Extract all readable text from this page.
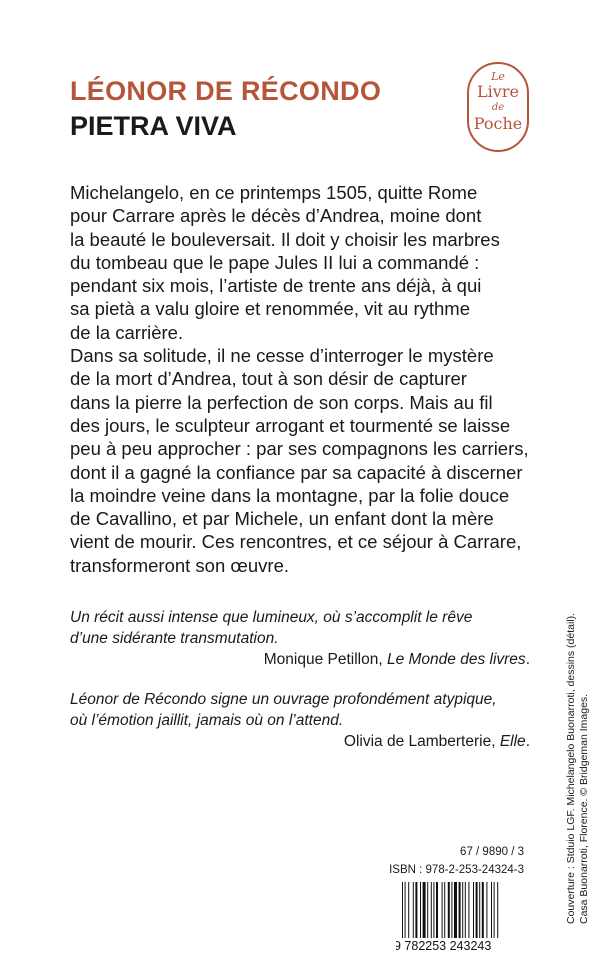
LÉONOR DE RÉCONDO
PIETRA VIVA
Le
Livre
de
Poche

Michelangelo, en ce printemps 1505, quitte Rome

pour Carrare après le décès d’Andrea, moine dont

la beauté le bouleversait. Il doit y choisir les marbres

du tombeau que le pape Jules II lui a commandé :

pendant six mois, l’artiste de trente ans déjà, à qui

sa pietà a valu gloire et renommée, vit au rythme

de la carrière.

Dans sa solitude, il ne cesse d’interroger le mystère

de la mort d’Andrea, tout à son désir de capturer

dans la pierre la perfection de son corps. Mais au fil

des jours, le sculpteur arrogant et tourmenté se laisse

peu à peu approcher : par ses compagnons les carriers,

dont il a gagné la confiance par sa capacité à discerner

la moindre veine dans la montagne, par la folie douce

de Cavallino, et par Michele, un enfant dont la mère

vient de mourir. Ces rencontres, et ce séjour à Carrare,

transformeront son œuvre.

Un récit aussi intense que lumineux, où s’accomplit le rêve

d’une sidérante transmutation.

Monique Petillon, Le Monde des livres.

Léonor de Récondo signe un ouvrage profondément atypique,

où l’émotion jaillit, jamais où on l’attend.

Olivia de Lamberterie, Elle.

67 / 9890 / 3
ISBN : 978-2-253-24324-3
9 782253 243243
Couverture : Stduio LGF. Michelangelo Buonarroti, dessins (détail). Casa Buonarroti, Florence. © Bridgeman Images.
